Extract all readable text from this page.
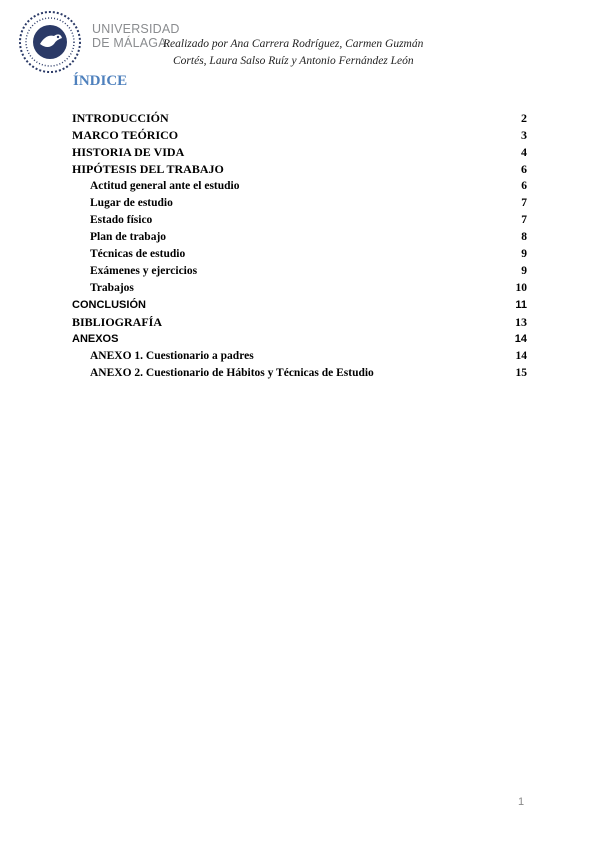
UNIVERSIDAD
DE MÁLAGA
Realizado por Ana Carrera Rodríguez, Carmen Guzmán
Cortés, Laura Salso Ruíz y Antonio Fernández León
ÍNDICE
INTRODUCCIÓN	2
MARCO TEÓRICO	3
HISTORIA DE VIDA	4
HIPÓTESIS DEL TRABAJO	6
Actitud general ante el estudio	6
Lugar de estudio	7
Estado físico	7
Plan de trabajo	8
Técnicas de estudio	9
Exámenes y ejercicios	9
Trabajos	10
CONCLUSIÓN	11
BIBLIOGRAFÍA	13
ANEXOS	14
ANEXO 1. Cuestionario a padres	14
ANEXO 2. Cuestionario de Hábitos y Técnicas de Estudio	15
1
